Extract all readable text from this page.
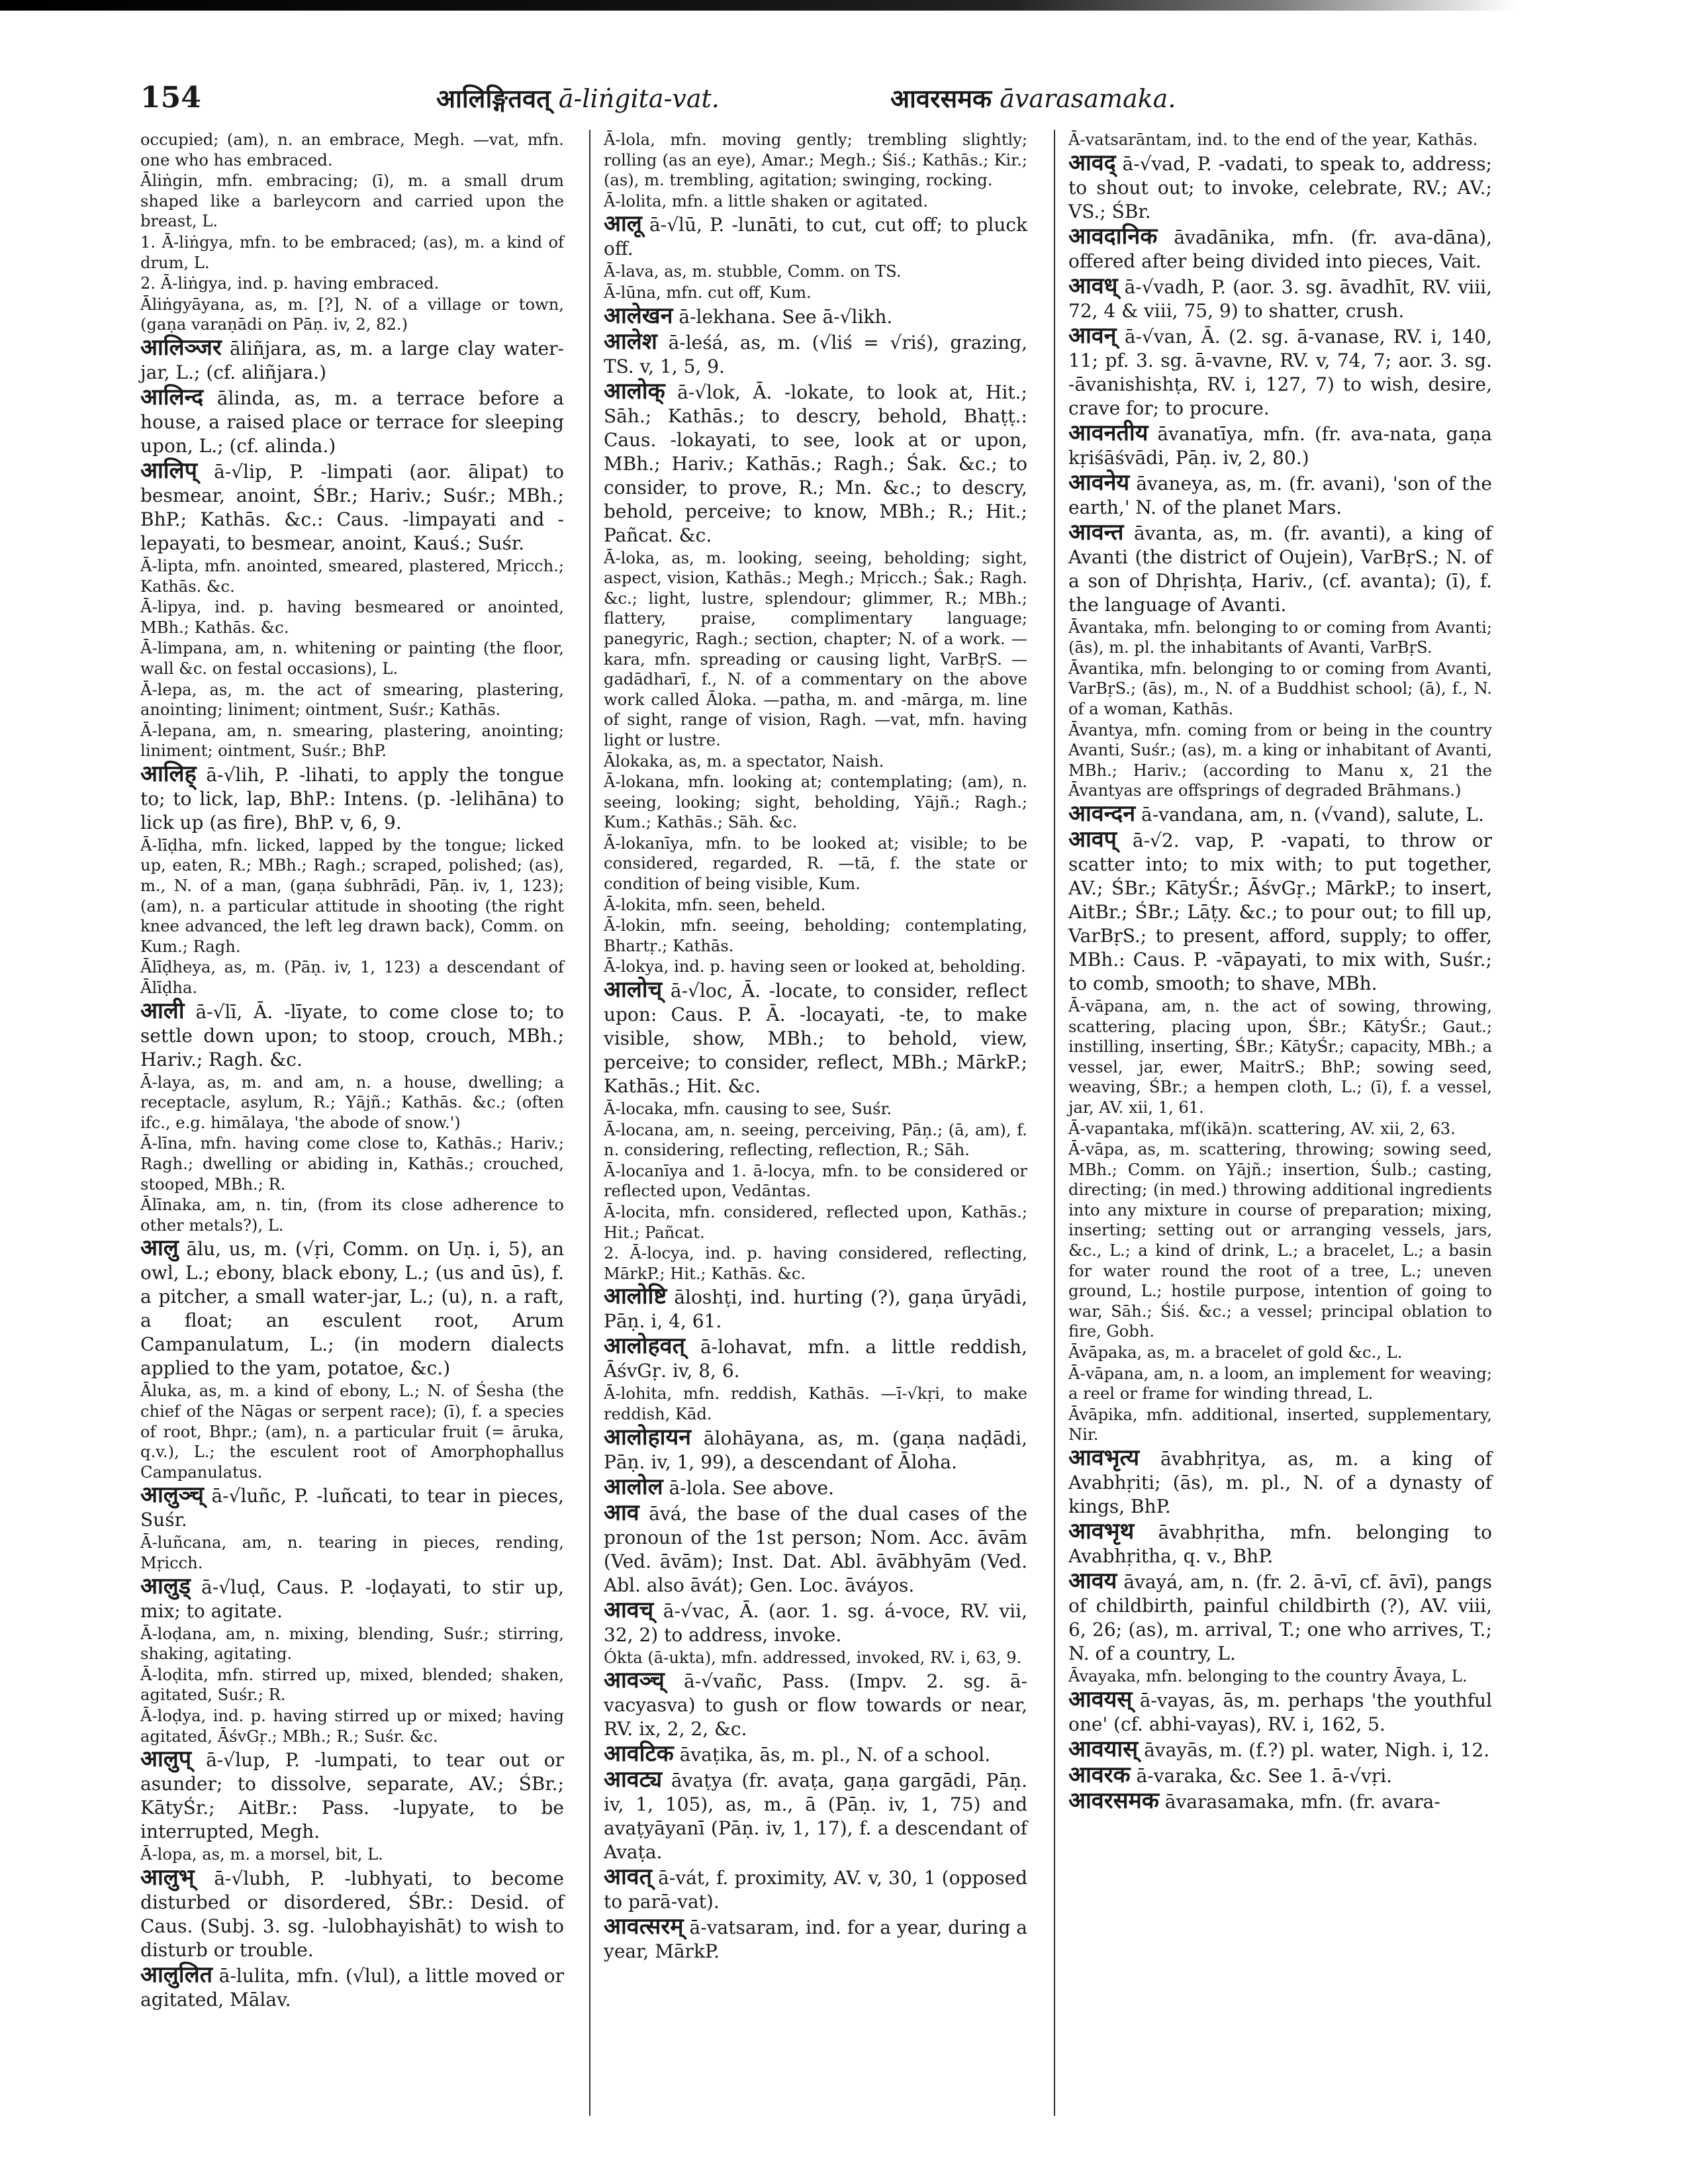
154	आलिङ्गितवत् ā-liṅgita-vat.	आवरसमक āvarasamaka.

occupied; (am), n. an embrace, Megh. —vat, mfn. one who has embraced.

Āliṅgin, mfn. embracing; (ī), m. a small drum shaped like a barleycorn and carried upon the breast, L.

1. Ā-liṅgya, mfn. to be embraced; (as), m. a kind of drum, L.

2. Ā-liṅgya, ind. p. having embraced.

Āliṅgyāyana, as, m. [?], N. of a village or town, (gaṇa varaṇādi on Pāṇ. iv, 2, 82.)

आलिञ्जर āliñjara, as, m. a large clay water-jar, L.; (cf. aliñjara.)

आलिन्द ālinda, as, m. a terrace before a house, a raised place or terrace for sleeping upon, L.; (cf. alinda.)

आलिप् ā-√lip, P. -limpati (aor. ālipat) to besmear, anoint, ŚBr.; Hariv.; Suśr.; MBh.; BhP.; Kathās. &c.: Caus. -limpayati and -lepayati, to besmear, anoint, Kauś.; Suśr.

Ā-lipta, mfn. anointed, smeared, plastered, Mṛicch.; Kathās. &c.

Ā-lipya, ind. p. having besmeared or anointed, MBh.; Kathās. &c.

Ā-limpana, am, n. whitening or painting (the floor, wall &c. on festal occasions), L.

Ā-lepa, as, m. the act of smearing, plastering, anointing; liniment; ointment, Suśr.; Kathās.

Ā-lepana, am, n. smearing, plastering, anointing; liniment; ointment, Suśr.; BhP.

आलिह् ā-√lih, P. -lihati, to apply the tongue to; to lick, lap, BhP.: Intens. (p. -lelihāna) to lick up (as fire), BhP. v, 6, 9.

Ā-līḍha, mfn. licked, lapped by the tongue; licked up, eaten, R.; MBh.; Ragh.; scraped, polished; (as), m., N. of a man, (gaṇa śubhrādi, Pāṇ. iv, 1, 123); (am), n. a particular attitude in shooting (the right knee advanced, the left leg drawn back), Comm. on Kum.; Ragh.

Ālīḍheya, as, m. (Pāṇ. iv, 1, 123) a descendant of Ālīḍha.

आली ā-√lī, Ā. -līyate, to come close to; to settle down upon; to stoop, crouch, MBh.; Hariv.; Ragh. &c.

Ā-laya, as, m. and am, n. a house, dwelling; a receptacle, asylum, R.; Yājñ.; Kathās. &c.; (often ifc., e.g. himālaya, 'the abode of snow.')

Ā-līna, mfn. having come close to, Kathās.; Hariv.; Ragh.; dwelling or abiding in, Kathās.; crouched, stooped, MBh.; R.

Ālīnaka, am, n. tin, (from its close adherence to other metals?), L.

आलु ālu, us, m. (√ṛi, Comm. on Uṇ. i, 5), an owl, L.; ebony, black ebony, L.; (us and ūs), f. a pitcher, a small water-jar, L.; (u), n. a raft, a float; an esculent root, Arum Campanulatum, L.; (in modern dialects applied to the yam, potatoe, &c.)

Āluka, as, m. a kind of ebony, L.; N. of Śesha (the chief of the Nāgas or serpent race); (ī), f. a species of root, Bhpr.; (am), n. a particular fruit (= āruka, q.v.), L.; the esculent root of Amorphophallus Campanulatus.

आलुञ्च् ā-√luñc, P. -luñcati, to tear in pieces, Suśr.

Ā-luñcana, am, n. tearing in pieces, rending, Mṛicch.

आलुड् ā-√luḍ, Caus. P. -loḍayati, to stir up, mix; to agitate.

Ā-loḍana, am, n. mixing, blending, Suśr.; stirring, shaking, agitating.

Ā-loḍita, mfn. stirred up, mixed, blended; shaken, agitated, Suśr.; R.

Ā-loḍya, ind. p. having stirred up or mixed; having agitated, ĀśvGṛ.; MBh.; R.; Suśr. &c.

आलुप् ā-√lup, P. -lumpati, to tear out or asunder; to dissolve, separate, AV.; ŚBr.; KātyŚr.; AitBr.: Pass. -lupyate, to be interrupted, Megh.

Ā-lopa, as, m. a morsel, bit, L.

आलुभ् ā-√lubh, P. -lubhyati, to become disturbed or disordered, ŚBr.: Desid. of Caus. (Subj. 3. sg. -lulobhayishāt) to wish to disturb or trouble.

आलुलित ā-lulita, mfn. (√lul), a little moved or agitated, Mālav.

Ā-lola, mfn. moving gently; trembling slightly; rolling (as an eye), Amar.; Megh.; Śiś.; Kathās.; Kir.; (as), m. trembling, agitation; swinging, rocking.

Ā-lolita, mfn. a little shaken or agitated.

आलू ā-√lū, P. -lunāti, to cut, cut off; to pluck off.

Ā-lava, as, m. stubble, Comm. on TS.

Ā-lūna, mfn. cut off, Kum.

आलेखन ā-lekhana. See ā-√likh.

आलेश ā-leśá, as, m. (√liś = √riś), grazing, TS. v, 1, 5, 9.

आलोक् ā-√lok, Ā. -lokate, to look at, Hit.; Sāh.; Kathās.; to descry, behold, Bhaṭṭ.: Caus. -lokayati, to see, look at or upon, MBh.; Hariv.; Kathās.; Ragh.; Śak. &c.; to consider, to prove, R.; Mn. &c.; to descry, behold, perceive; to know, MBh.; R.; Hit.; Pañcat. &c.

Ā-loka, as, m. looking, seeing, beholding; sight, aspect, vision, Kathās.; Megh.; Mṛicch.; Śak.; Ragh. &c.; light, lustre, splendour; glimmer, R.; MBh.; flattery, praise, complimentary language; panegyric, Ragh.; section, chapter; N. of a work. —kara, mfn. spreading or causing light, VarBṛS. —gadādharī, f., N. of a commentary on the above work called Āloka. —patha, m. and -mārga, m. line of sight, range of vision, Ragh. —vat, mfn. having light or lustre.

Ālokaka, as, m. a spectator, Naish.

Ā-lokana, mfn. looking at; contemplating; (am), n. seeing, looking; sight, beholding, Yājñ.; Ragh.; Kum.; Kathās.; Sāh. &c.

Ā-lokanīya, mfn. to be looked at; visible; to be considered, regarded, R. —tā, f. the state or condition of being visible, Kum.

Ā-lokita, mfn. seen, beheld.

Ā-lokin, mfn. seeing, beholding; contemplating, Bhartṛ.; Kathās.

Ā-lokya, ind. p. having seen or looked at, beholding.

आलोच् ā-√loc, Ā. -locate, to consider, reflect upon: Caus. P. Ā. -locayati, -te, to make visible, show, MBh.; to behold, view, perceive; to consider, reflect, MBh.; MārkP.; Kathās.; Hit. &c.

Ā-locaka, mfn. causing to see, Suśr.

Ā-locana, am, n. seeing, perceiving, Pāṇ.; (ā, am), f. n. considering, reflecting, reflection, R.; Sāh.

Ā-locanīya and 1. ā-locya, mfn. to be considered or reflected upon, Vedāntas.

Ā-locita, mfn. considered, reflected upon, Kathās.; Hit.; Pañcat.

2. Ā-locya, ind. p. having considered, reflecting, MārkP.; Hit.; Kathās. &c.

आलोष्टि āloshṭi, ind. hurting (?), gaṇa ūryādi, Pāṇ. i, 4, 61.

आलोहवत् ā-lohavat, mfn. a little reddish, ĀśvGṛ. iv, 8, 6.

Ā-lohita, mfn. reddish, Kathās. —ī-√kṛi, to make reddish, Kād.

आलोहायन ālohāyana, as, m. (gaṇa naḍādi, Pāṇ. iv, 1, 99), a descendant of Āloha.

आलोल ā-lola. See above.

आव āvá, the base of the dual cases of the pronoun of the 1st person; Nom. Acc. āvām (Ved. āvām); Inst. Dat. Abl. āvābhyām (Ved. Abl. also āvát); Gen. Loc. āváyos.

आवच् ā-√vac, Ā. (aor. 1. sg. á-voce, RV. vii, 32, 2) to address, invoke.

Ókta (ā-ukta), mfn. addressed, invoked, RV. i, 63, 9.

आवञ्च् ā-√vañc, Pass. (Impv. 2. sg. ā-vacyasva) to gush or flow towards or near, RV. ix, 2, 2, &c.

आवटिक āvaṭika, ās, m. pl., N. of a school.

आवट्य āvaṭya (fr. avaṭa, gaṇa gargādi, Pāṇ. iv, 1, 105), as, m., ā (Pāṇ. iv, 1, 75) and avaṭyāyanī (Pāṇ. iv, 1, 17), f. a descendant of Avaṭa.

आवत् ā-vát, f. proximity, AV. v, 30, 1 (opposed to parā-vat).

आवत्सरम् ā-vatsaram, ind. for a year, during a year, MārkP.

Ā-vatsarāntam, ind. to the end of the year, Kathās.

आवद् ā-√vad, P. -vadati, to speak to, address; to shout out; to invoke, celebrate, RV.; AV.; VS.; ŚBr.

आवदानिक āvadānika, mfn. (fr. ava-dāna), offered after being divided into pieces, Vait.

आवध् ā-√vadh, P. (aor. 3. sg. āvadhīt, RV. viii, 72, 4 & viii, 75, 9) to shatter, crush.

आवन् ā-√van, Ā. (2. sg. ā-vanase, RV. i, 140, 11; pf. 3. sg. ā-vavne, RV. v, 74, 7; aor. 3. sg. -āvanishishṭa, RV. i, 127, 7) to wish, desire, crave for; to procure.

आवनतीय āvanatīya, mfn. (fr. ava-nata, gaṇa kṛiśāśvādi, Pāṇ. iv, 2, 80.)

आवनेय āvaneya, as, m. (fr. avani), 'son of the earth,' N. of the planet Mars.

आवन्त āvanta, as, m. (fr. avanti), a king of Avanti (the district of Oujein), VarBṛS.; N. of a son of Dhṛishṭa, Hariv., (cf. avanta); (ī), f. the language of Avanti.

Āvantaka, mfn. belonging to or coming from Avanti; (ās), m. pl. the inhabitants of Avanti, VarBṛS.

Āvantika, mfn. belonging to or coming from Avanti, VarBṛS.; (ās), m., N. of a Buddhist school; (ā), f., N. of a woman, Kathās.

Āvantya, mfn. coming from or being in the country Avanti, Suśr.; (as), m. a king or inhabitant of Avanti, MBh.; Hariv.; (according to Manu x, 21 the Āvantyas are offsprings of degraded Brāhmans.)

आवन्दन ā-vandana, am, n. (√vand), salute, L.

आवप् ā-√2. vap, P. -vapati, to throw or scatter into; to mix with; to put together, AV.; ŚBr.; KātyŚr.; ĀśvGṛ.; MārkP.; to insert, AitBr.; ŚBr.; Lāṭy. &c.; to pour out; to fill up, VarBṛS.; to present, afford, supply; to offer, MBh.: Caus. P. -vāpayati, to mix with, Suśr.; to comb, smooth; to shave, MBh.

Ā-vāpana, am, n. the act of sowing, throwing, scattering, placing upon, ŚBr.; KātyŚr.; Gaut.; instilling, inserting, ŚBr.; KātyŚr.; capacity, MBh.; a vessel, jar, ewer, MaitrS.; BhP.; sowing seed, weaving, ŚBr.; a hempen cloth, L.; (ī), f. a vessel, jar, AV. xii, 1, 61.

Ā-vapantaka, mf(ikā)n. scattering, AV. xii, 2, 63.

Ā-vāpa, as, m. scattering, throwing; sowing seed, MBh.; Comm. on Yājñ.; insertion, Śulb.; casting, directing; (in med.) throwing additional ingredients into any mixture in course of preparation; mixing, inserting; setting out or arranging vessels, jars, &c., L.; a kind of drink, L.; a bracelet, L.; a basin for water round the root of a tree, L.; uneven ground, L.; hostile purpose, intention of going to war, Sāh.; Śiś. &c.; a vessel; principal oblation to fire, Gobh.

Āvāpaka, as, m. a bracelet of gold &c., L.

Ā-vāpana, am, n. a loom, an implement for weaving; a reel or frame for winding thread, L.

Āvāpika, mfn. additional, inserted, supplementary, Nir.

आवभृत्य āvabhṛitya, as, m. a king of Avabhṛiti; (ās), m. pl., N. of a dynasty of kings, BhP.

आवभृथ āvabhṛitha, mfn. belonging to Avabhṛitha, q. v., BhP.

आवय āvayá, am, n. (fr. 2. ā-vī, cf. āvī), pangs of childbirth, painful childbirth (?), AV. viii, 6, 26; (as), m. arrival, T.; one who arrives, T.; N. of a country, L.

Āvayaka, mfn. belonging to the country Āvaya, L.

आवयस् ā-vayas, ās, m. perhaps 'the youthful one' (cf. abhi-vayas), RV. i, 162, 5.

आवयास् āvayās, m. (f.?) pl. water, Nigh. i, 12.

आवरक ā-varaka, &c. See 1. ā-√vṛi.

आवरसमक āvarasamaka, mfn. (fr. avara-
